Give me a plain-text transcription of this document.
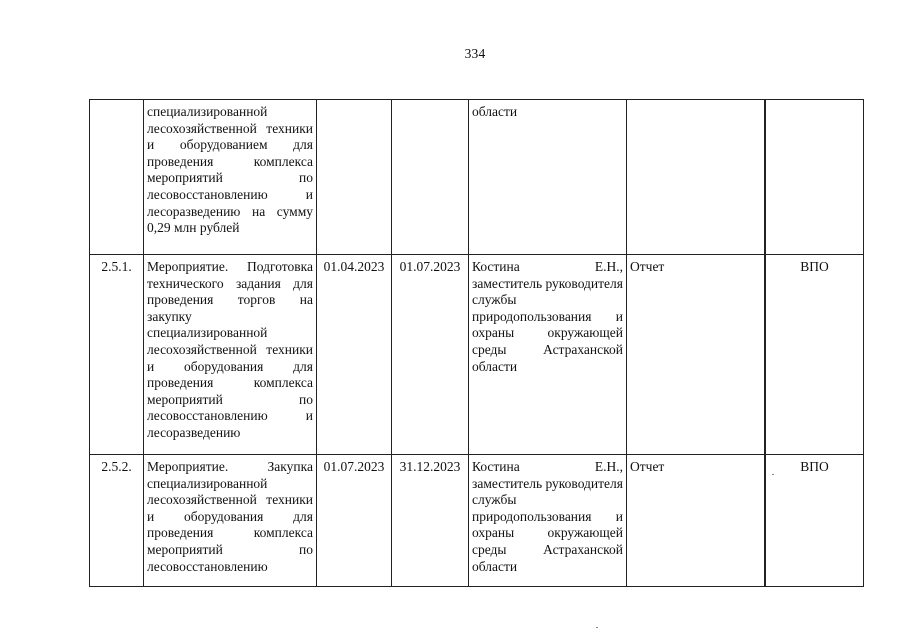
334
	специализированной лесохозяйственной техники и оборудованием для проведения комплекса мероприятий по лесовосстановлению и лесоразведению на сумму 0,29 млн рублей			области			
2.5.1.	Мероприятие. Подготовка технического задания для проведения торгов на закупку специализированной лесохозяйственной техники и оборудования для проведения комплекса мероприятий по лесовосстановлению и лесоразведению	01.04.2023	01.07.2023	Костина Е.Н., заместитель руководителя службы природопользования и охраны окружающей среды Астраханской области	Отчет		ВПО
2.5.2.	Мероприятие. Закупка специализированной лесохозяйственной техники и оборудования для проведения комплекса мероприятий по лесовосстановлению	01.07.2023	31.12.2023	Костина Е.Н., заместитель руководителя службы природопользования и охраны окружающей среды Астраханской области	Отчет		ВПО
